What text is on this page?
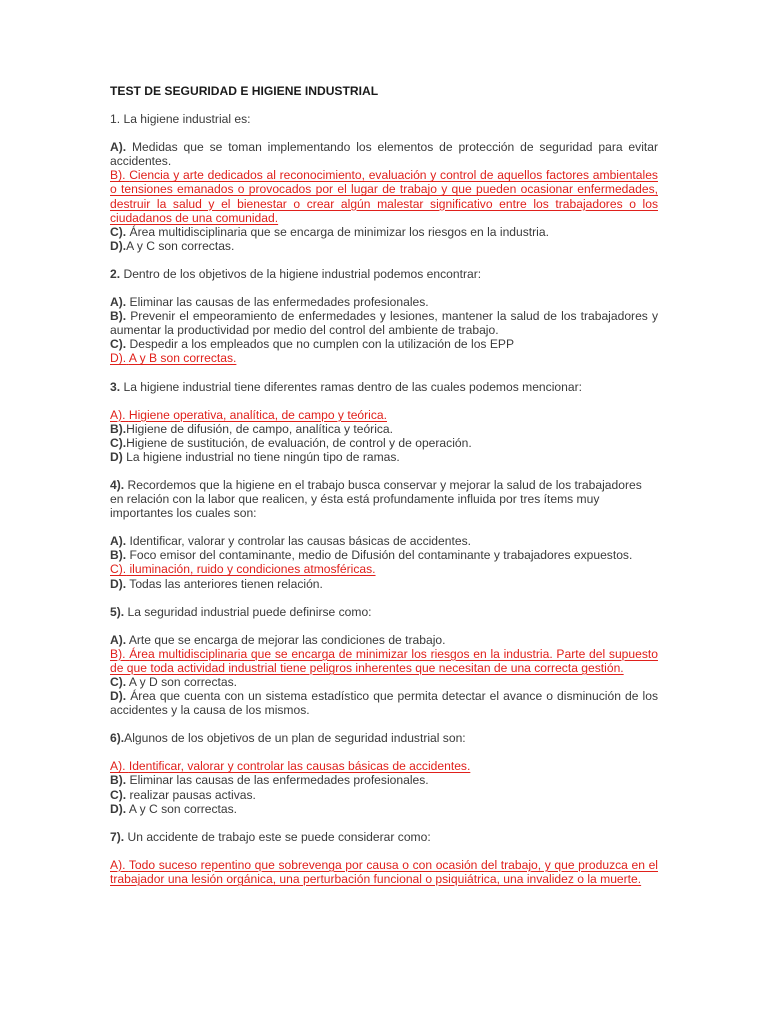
TEST DE SEGURIDAD E HIGIENE INDUSTRIAL

1. La higiene industrial es:

A). Medidas que se toman implementando los elementos de protección de seguridad para evitar accidentes.

B). Ciencia y arte dedicados al reconocimiento, evaluación y control de aquellos factores ambientales o tensiones emanados o provocados por el lugar de trabajo y que pueden ocasionar enfermedades, destruir la salud y el bienestar o crear algún malestar significativo entre los trabajadores o los ciudadanos de una comunidad.

C). Área multidisciplinaria que se encarga de minimizar los riesgos en la industria.

D).A y C son correctas.

2. Dentro de los objetivos de la higiene industrial podemos encontrar:

A). Eliminar las causas de las enfermedades profesionales.

B). Prevenir el empeoramiento de enfermedades y lesiones, mantener la salud de los trabajadores y aumentar la productividad por medio del control del ambiente de trabajo.

C). Despedir a los empleados que no cumplen con la utilización de los EPP

D). A y B son correctas.

3. La higiene industrial tiene diferentes ramas dentro de las cuales podemos mencionar:

A). Higiene operativa, analítica, de campo y teórica.

B).Higiene de difusión, de campo, analítica y teórica.

C).Higiene de sustitución, de evaluación, de control y de operación.

D) La higiene industrial no tiene ningún tipo de ramas.

4). Recordemos que la higiene en el trabajo busca conservar y mejorar la salud de los trabajadores en relación con la labor que realicen, y ésta está profundamente influida por tres ítems muy importantes los cuales son:

A). Identificar, valorar y controlar las causas básicas de accidentes.

B). Foco emisor del contaminante, medio de Difusión del contaminante y trabajadores expuestos.

C). iluminación, ruido y condiciones atmosféricas.

D). Todas las anteriores tienen relación.

5). La seguridad industrial puede definirse como:

A). Arte que se encarga de mejorar las condiciones de trabajo.

B). Área multidisciplinaria que se encarga de minimizar los riesgos en la industria. Parte del supuesto de que toda actividad industrial tiene peligros inherentes que necesitan de una correcta gestión.

C). A y D son correctas.

D). Área que cuenta con un sistema estadístico que permita detectar el avance o disminución de los accidentes y la causa de los mismos.

6).Algunos de los objetivos de un plan de seguridad industrial son:

A). Identificar, valorar y controlar las causas básicas de accidentes.

B). Eliminar las causas de las enfermedades profesionales.

C). realizar pausas activas.

D). A y C son correctas.

7). Un accidente de trabajo este se puede considerar como:

A). Todo suceso repentino que sobrevenga por causa o con ocasión del trabajo, y que produzca en el trabajador una lesión orgánica, una perturbación funcional o psiquiátrica, una invalidez o la muerte.
